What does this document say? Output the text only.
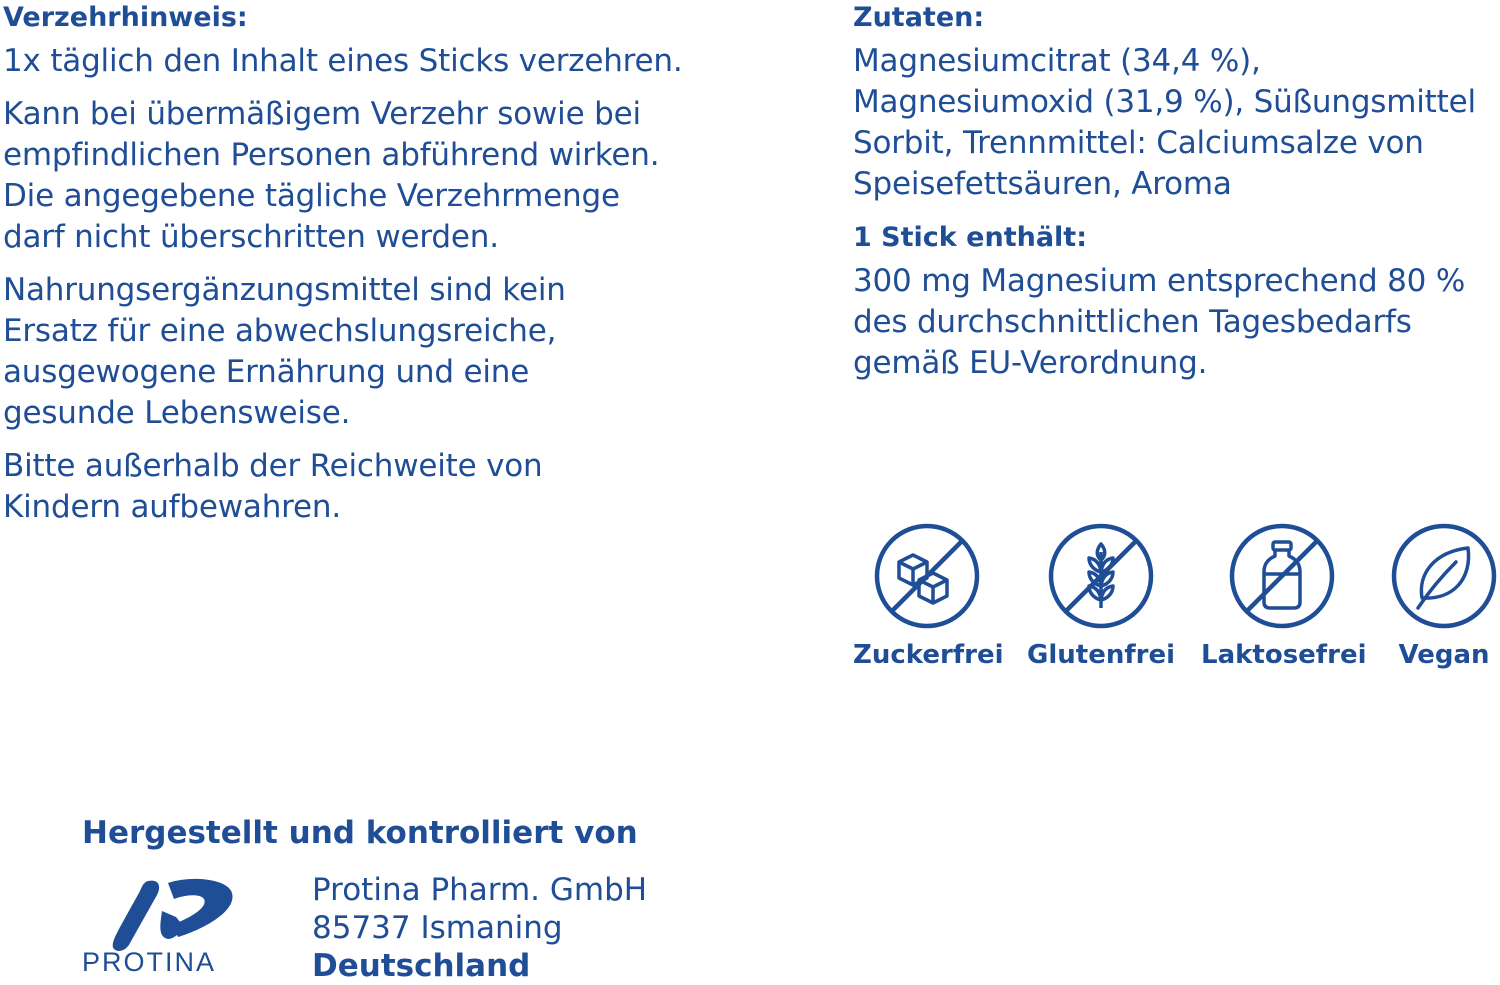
Verzehrhinweis:

1x täglich den Inhalt eines Sticks verzehren.

Kann bei übermäßigem Verzehr sowie bei
empfindlichen Personen abführend wirken.
Die angegebene tägliche Verzehrmenge
darf nicht überschritten werden.

Nahrungsergänzungsmittel sind kein
Ersatz für eine abwechslungsreiche,
ausgewogene Ernährung und eine
gesunde Lebensweise.

Bitte außerhalb der Reichweite von
Kindern aufbewahren.

Zutaten:

Magnesiumcitrat (34,4 %),
Magnesiumoxid (31,9 %), Süßungsmittel
Sorbit, Trennmittel: Calciumsalze von
Speisefettsäuren, Aroma

1 Stick enthält:

300 mg Magnesium entsprechend 80 %
des durchschnittlichen Tagesbedarfs
gemäß EU-Verordnung.

Zuckerfrei Glutenfrei Laktosefrei	Vegan
Hergestellt und kontrolliert von
PROTINA
Protina Pharm. GmbH
85737 Ismaning
Deutschland
